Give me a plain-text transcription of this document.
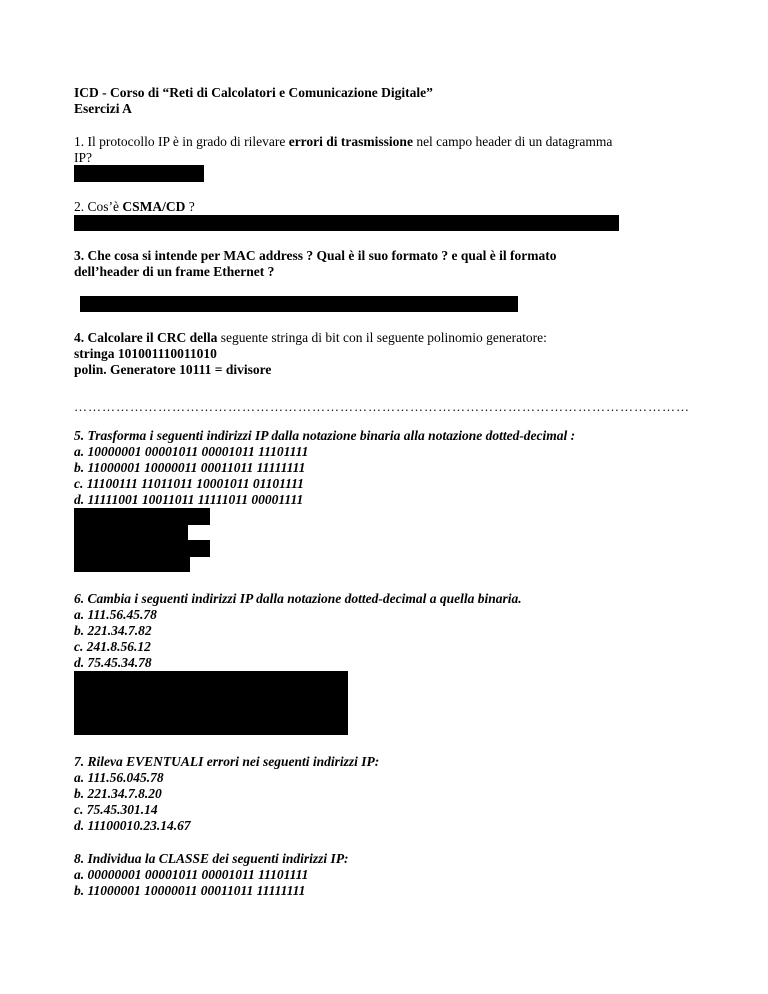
ICD - Corso di “Reti di Calcolatori e Comunicazione Digitale”
Esercizi A
1. Il protocollo IP è in grado di rilevare errori di trasmissione nel campo header di un datagramma
IP?
2. Cos’è CSMA/CD ?
3. Che cosa si intende per MAC address ? Qual è il suo formato ? e qual è il formato
dell’header di un frame Ethernet ?
4. Calcolare il CRC della seguente stringa di bit con il seguente polinomio generatore:
stringa 101001110011010
polin. Generatore 10111 = divisore
……………………………………………………………………………………………………………………
5. Trasforma i seguenti indirizzi IP dalla notazione binaria alla notazione dotted-decimal :
a. 10000001 00001011 00001011 11101111
b. 11000001 10000011 00011011 11111111
c. 11100111 11011011 10001011 01101111
d. 11111001 10011011 11111011 00001111
6. Cambia i seguenti indirizzi IP dalla notazione dotted-decimal a quella binaria.
a. 111.56.45.78
b. 221.34.7.82
c. 241.8.56.12
d. 75.45.34.78
7. Rileva EVENTUALI errori nei seguenti indirizzi IP:
a. 111.56.045.78
b. 221.34.7.8.20
c. 75.45.301.14
d. 11100010.23.14.67
8. Individua la CLASSE dei seguenti indirizzi IP:
a. 00000001 00001011 00001011 11101111
b. 11000001 10000011 00011011 11111111
